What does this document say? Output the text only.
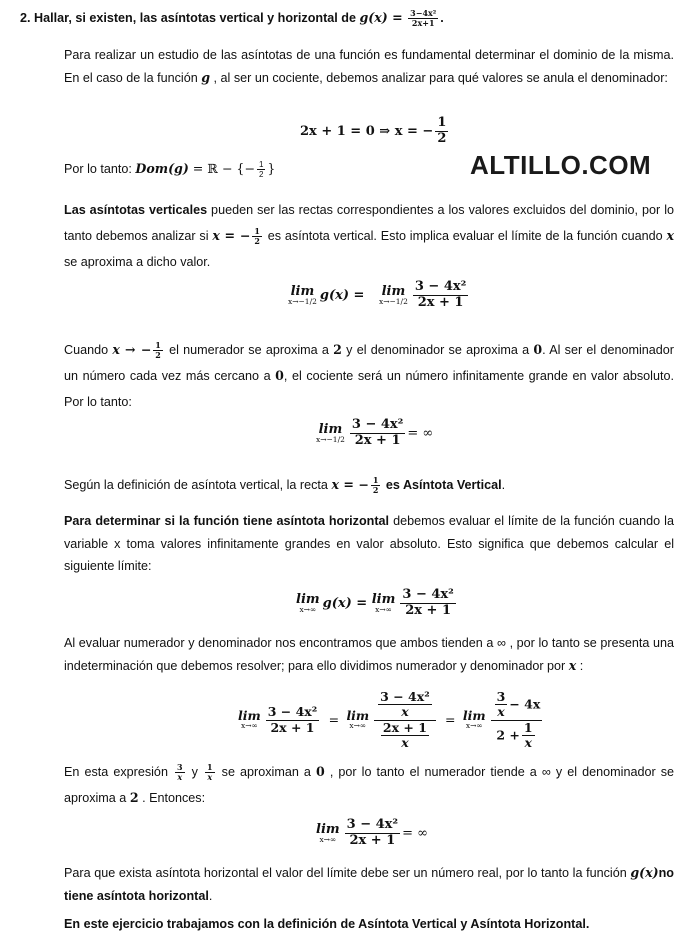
2. Hallar, si existen, las asíntotas vertical y horizontal de $g(x) = \frac{\text{3−4x²}}{2x+1}$ .
Para realizar un estudio de las asíntotas de una función es fundamental determinar el dominio de la misma. En el caso de la función g , al ser un cociente, debemos analizar para qué valores se anula el denominador:
2x + 1 = 0 ⇒ x = − $\frac{1}{2}$
Por lo tanto: Dom(g) = ℝ − {− $\frac{1}{2}$ }	ALTILLO.COM
Las asíntotas verticales pueden ser las rectas correspondientes a los valores excluidos del dominio, por lo tanto debemos analizar si x = − $\frac{1}{2}$ es asíntota vertical. Esto implica evaluar el límite de la función cuando x se aproxima a dicho valor.
lim
x→−1/2 g(x) = lim
$x\to-1/2 \frac{\text{3 − 4x²}}{2x + 1}$
Cuando x → − $\frac{1}{2}$ el numerador se aproxima a 2 y el denominador se aproxima a 0. Al ser el denominador un número cada vez más cercano a 0, el cociente será un número infinitamente grande en valor absoluto. Por lo tanto:
lim
$x\to-1/2 \frac{\text{3 − 4x²}}{2x + 1}$ = ∞
Según la definición de asíntota vertical, la recta x = − $\frac{1}{2}$ es Asíntota Vertical.
Para determinar si la función tiene asíntota horizontal debemos evaluar el límite de la función cuando la variable x toma valores infinitamente grandes en valor absoluto. Esto significa que debemos calcular el siguiente límite:
lim
x→∞ g(x) = lim
$x\to\infty \frac{\text{3 − 4x²}}{2x + 1}$
Al evaluar numerador y denominador nos encontramos que ambos tienden a ∞ , por lo tanto se presenta una indeterminación que debemos resolver; para ello dividimos numerador y denominador por x :
lim
$x\to\infty \frac{\text{3 − 4x²}}{2x + 1} = \lim$
$x\to\infty \frac{\frac{\text{3 − 4x²}}{x}}{\frac{2x + 1}{x}} = \lim$
$x\to\infty \frac{\frac{3}{x} - 4x}{2 + \frac{1}{x}}$
En esta expresión $\frac{3}{x}$ y $\frac{1}{x}$ se aproximan a 0 , por lo tanto el numerador tiende a ∞ y el denominador se aproxima a 2 . Entonces:
lim
$x\to\infty \frac{\text{3 − 4x²}}{2x + 1}$ = ∞
Para que exista asíntota horizontal el valor del límite debe ser un número real, por lo tanto la función g(x)no tiene asíntota horizontal.
En este ejercicio trabajamos con la definición de Asíntota Vertical y Asíntota Horizontal.
